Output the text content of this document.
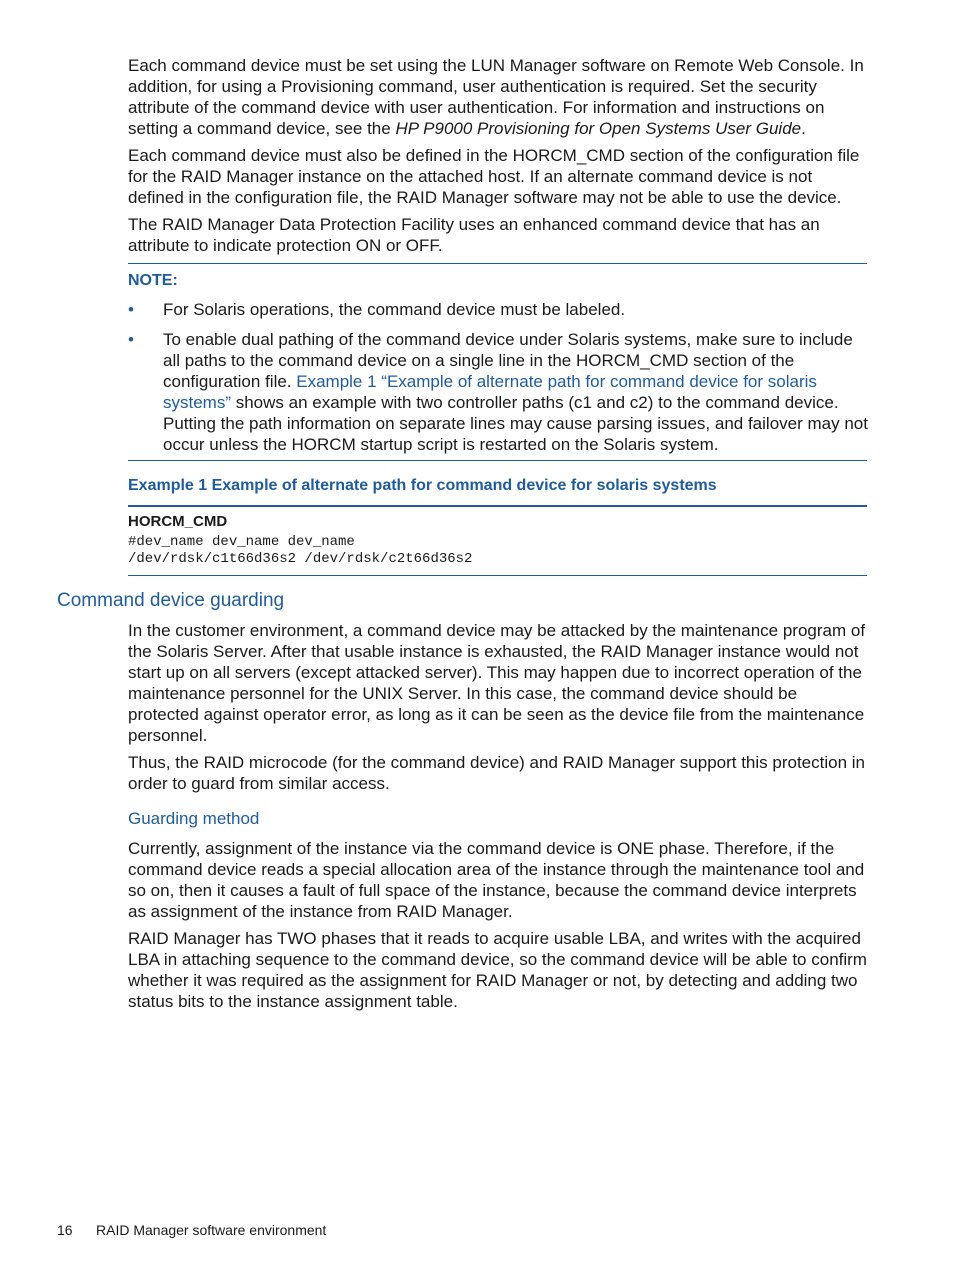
Each command device must be set using the LUN Manager software on Remote Web Console. In addition, for using a Provisioning command, user authentication is required. Set the security attribute of the command device with user authentication. For information and instructions on setting a command device, see the HP P9000 Provisioning for Open Systems User Guide.

Each command device must also be defined in the HORCM_CMD section of the configuration file for the RAID Manager instance on the attached host. If an alternate command device is not defined in the configuration file, the RAID Manager software may not be able to use the device.

The RAID Manager Data Protection Facility uses an enhanced command device that has an attribute to indicate protection ON or OFF.

NOTE:
• For Solaris operations, the command device must be labeled.

• To enable dual pathing of the command device under Solaris systems, make sure to include all paths to the command device on a single line in the HORCM_CMD section of the configuration file. Example 1 “Example of alternate path for command device for solaris systems” shows an example with two controller paths (c1 and c2) to the command device. Putting the path information on separate lines may cause parsing issues, and failover may not occur unless the HORCM startup script is restarted on the Solaris system.

Example 1 Example of alternate path for command device for solaris systems
HORCM_CMD
#dev_name dev_name dev_name
/dev/rdsk/c1t66d36s2 /dev/rdsk/c2t66d36s2
Command device guarding

In the customer environment, a command device may be attacked by the maintenance program of the Solaris Server. After that usable instance is exhausted, the RAID Manager instance would not start up on all servers (except attacked server). This may happen due to incorrect operation of the maintenance personnel for the UNIX Server. In this case, the command device should be protected against operator error, as long as it can be seen as the device file from the maintenance personnel.

Thus, the RAID microcode (for the command device) and RAID Manager support this protection in order to guard from similar access.

Guarding method

Currently, assignment of the instance via the command device is ONE phase. Therefore, if the command device reads a special allocation area of the instance through the maintenance tool and so on, then it causes a fault of full space of the instance, because the command device interprets as assignment of the instance from RAID Manager.

RAID Manager has TWO phases that it reads to acquire usable LBA, and writes with the acquired LBA in attaching sequence to the command device, so the command device will be able to confirm whether it was required as the assignment for RAID Manager or not, by detecting and adding two status bits to the instance assignment table.

16 RAID Manager software environment
